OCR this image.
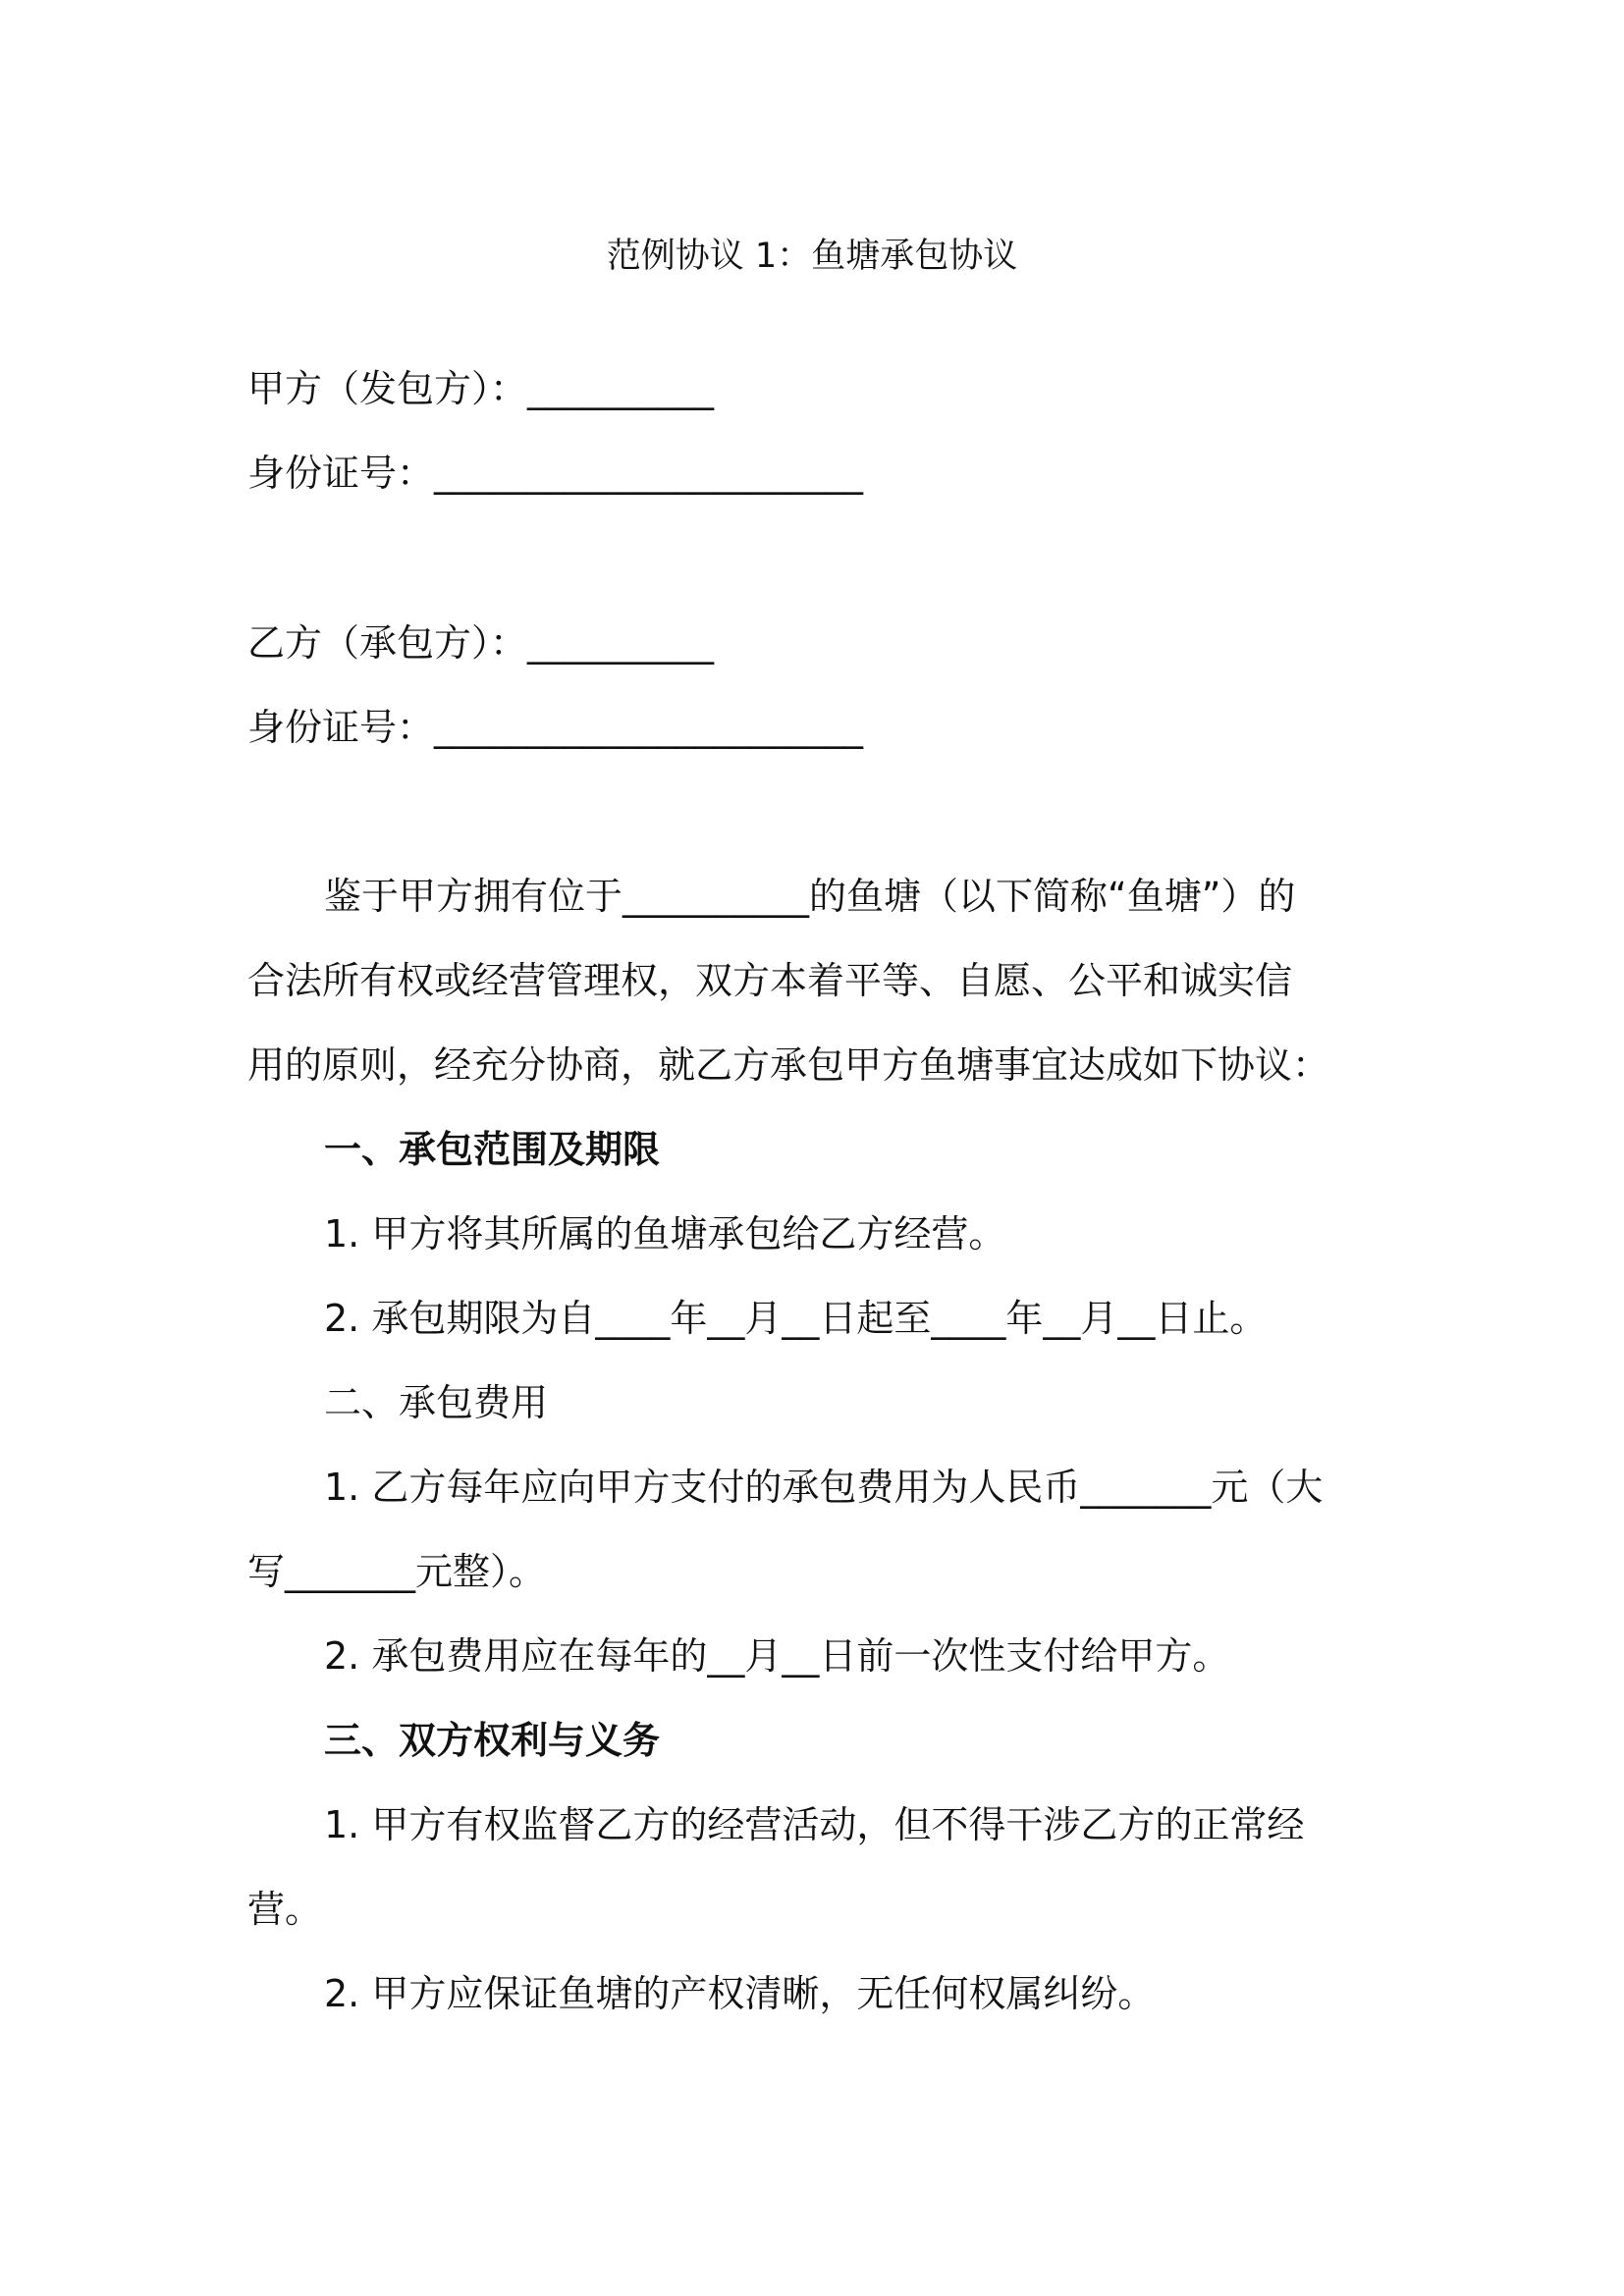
范例协议 1：鱼塘承包协议
甲方（发包方）：__________
身份证号：_______________________
乙方（承包方）：__________
身份证号：_______________________
鉴于甲方拥有位于__________的鱼塘（以下简称“鱼塘”）的
合法所有权或经营管理权，双方本着平等、自愿、公平和诚实信
用的原则，经充分协商，就乙方承包甲方鱼塘事宜达成如下协议：
一、承包范围及期限
1. 甲方将其所属的鱼塘承包给乙方经营。
2. 承包期限为自____年__月__日起至____年__月__日止。
二、承包费用
1. 乙方每年应向甲方支付的承包费用为人民币_______元（大
写_______元整）。
2. 承包费用应在每年的__月__日前一次性支付给甲方。
三、双方权利与义务
1. 甲方有权监督乙方的经营活动，但不得干涉乙方的正常经
营。
2. 甲方应保证鱼塘的产权清晰，无任何权属纠纷。
